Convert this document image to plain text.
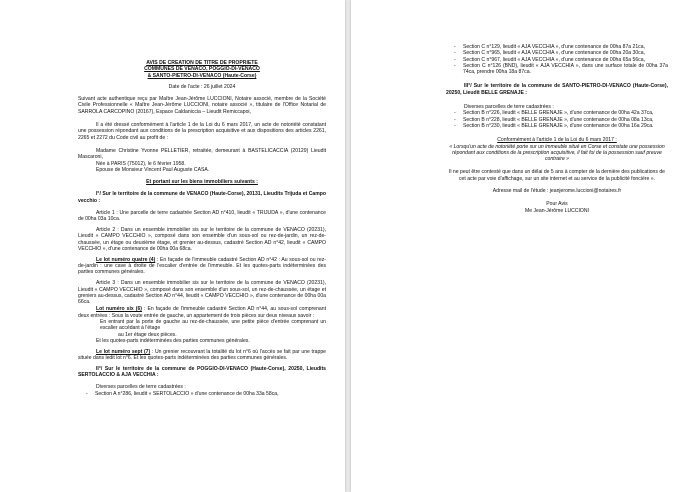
AVIS DE CREATION DE TITRE DE PROPRIETE

COMMUNES DE VENACO, POGGIO-DI-VENACO

& SANTO-PIETRO-DI-VENACO (Haute-Corse)

Date de l'acte : 26 juillet 2024

Suivant acte authentique reçu par Maître Jean-Jérôme LUCCIONI, Notaire associé, membre de la Société Civile Professionnelle « Maître Jean-Jérôme LUCCIONI, notaire associé », titulaire de l'Office Notarial de SARROLA CARCOPINO (20167), Espace Caldaniccia – Lieudit Remiccapoi,

Il a été dressé conformément à l'article 1 de la Loi du 6 mars 2017, un acte de notoriété constatant une possession répondant aux conditions de la prescription acquisitive et aux dispositions des articles 2261, 2265 et 2272 du Code civil au profit de :

Madame Christine Yvonne PELLETIER, retraitée, demeurant à BASTELICACCIA (20129) Lieudit Mascaroni,

Née à PARIS (75012), le 6 février 1958.

Epouse de Monsieur Vincent Paul Auguste CASA.

Et portant sur les biens immobiliers suivants :

I°/ Sur le territoire de la commune de VENACO (Haute-Corse), 20131, Lieudits Trijuda et Campo vecchio :

Article 1 : Une parcelle de terre cadastrée Section AD n°410, lieudit « TRIJUDA », d'une contenance de 00ha 03a 10ca.

Article 2 : Dans un ensemble immobilier sis sur le territoire de la commune de VENACO (20231), Lieudit « CAMPO VECCHIO », composé dans son ensemble d'un sous-sol ou rez-de-jardin, un rez-de-chaussée, un étage ou deuxième étage, et grenier au-dessus, cadastré Section AD n°42, lieudit « CAMPO VECCHIO », d'une contenance de 00ha 00a 68ca.

Le lot numéro quatre (4) : En façade de l'immeuble cadastré Section AD n°42 : Au sous-sol ou rez-de-jardin : une cave à droite de l'escalier d'entrée de l'immeuble. Et les quotes-parts indéterminées des parties communes générales.

Article 3 : Dans un ensemble immobilier sis sur le territoire de la commune de VENACO (20231), Lieudit « CAMPO VECCHIO », composé dans son ensemble d'un sous-sol, un rez-de-chaussée, un étage et greniers au-dessus, cadastré Section AD n°44, lieudit « CAMPO VECCHIO », d'une contenance de 00ha 00a 66ca.

Lot numéro six (6) : En façade de l'immeuble cadastré Section AD n°44, au sous-sol comprenant deux entrées : Sous la voute entrée de gauche, un appartement de trois pièces sur deux niveaux savoir :

En entrant par la porte de gauche au rez-de-chaussée, une petite pièce d'entrée comprenant un escalier accédant à l'étage

au 1er étage deux pièces.

Et les quotes-parts indéterminées des parties communes générales.

Le lot numéro sept (7) : Un grenier recouvrant la totalité du lot n°6 où l'accès se fait par une trappe située dans ledit lot n°6. Et les quotes-parts indéterminées des parties communes générales.

II°/ Sur le territoire de la commune de POGGIO-DI-VENACO (Haute-Corse), 20250, Lieudits SERTOLACCIO & AJA VECCHIA :

Diverses parcelles de terre cadastrées :

- Section A n°286, lieudit « SERTOLACCIO » d'une contenance de 00ha 33a 58ca,

- Section C n°129, lieudit « AJA VECCHIA », d'une contenance de 00ha 87a 21ca,

- Section C n°965, lieudit « AJA VECCHIA », d'une contenance de 00ha 20a 30ca,

- Section C n°967, lieudit « AJA VECCHIA », d'une contenance de 00ha 65a 56ca,

- Section C n°126 (BND), lieudit « AJA VECCHIA », dans une surface totale de 00ha 37a 74ca, prendre 00ha 18a 87ca.

III°/ Sur le territoire de la commune de SANTO-PIETRO-DI-VENACO (Haute-Corse), 20250, Lieudit BELLE GRENAJE :

Diverses parcelles de terre cadastrées :

- Section B n°226, lieudit « BELLE GRENAJE », d'une contenance de 00ha 42a 37ca,

- Section B n°228, lieudit « BELLE GRENAJE », d'une contenance de 00ha 08a 13ca,

- Section B n°230, lieudit « BELLE GRENAJE », d'une contenance de 00ha 16a 29ca.

Conformément à l'article 1 de la Loi du 6 mars 2017 :

« Lorsqu'un acte de notoriété porte sur un immeuble situé en Corse et constate une possession répondant aux conditions de la prescription acquisitive, il fait foi de la possession sauf preuve contraire »

Il ne peut être contesté que dans un délai de 5 ans à compter de la dernière des publications de cet acte par voie d'affichage, sur un site internet et au service de la publicité foncière ».

Adresse mail de l'étude : jeanjerome.luccioni@notaires.fr

Pour Avis

Me Jean-Jérôme LUCCIONI
